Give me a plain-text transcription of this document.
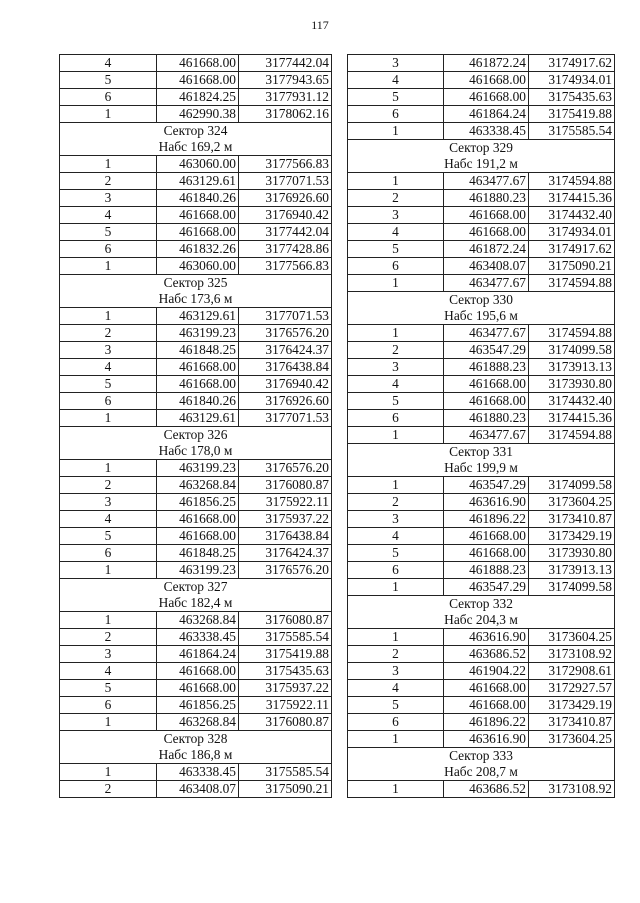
117
4	461668.00	3177442.04
5	461668.00	3177943.65
6	461824.25	3177931.12
1	462990.38	3178062.16
Сектор 324		
Набс 169,2 м		
1	463060.00	3177566.83
2	463129.61	3177071.53
3	461840.26	3176926.60
4	461668.00	3176940.42
5	461668.00	3177442.04
6	461832.26	3177428.86
1	463060.00	3177566.83
Сектор 325		
Набс 173,6 м		
1	463129.61	3177071.53
2	463199.23	3176576.20
3	461848.25	3176424.37
4	461668.00	3176438.84
5	461668.00	3176940.42
6	461840.26	3176926.60
1	463129.61	3177071.53
Сектор 326		
Набс 178,0 м		
1	463199.23	3176576.20
2	463268.84	3176080.87
3	461856.25	3175922.11
4	461668.00	3175937.22
5	461668.00	3176438.84
6	461848.25	3176424.37
1	463199.23	3176576.20
Сектор 327		
Набс 182,4 м		
1	463268.84	3176080.87
2	463338.45	3175585.54
3	461864.24	3175419.88
4	461668.00	3175435.63
5	461668.00	3175937.22
6	461856.25	3175922.11
1	463268.84	3176080.87
Сектор 328		
Набс 186,8 м		
1	463338.45	3175585.54
2	463408.07	3175090.21
3	461872.24	3174917.62
4	461668.00	3174934.01
5	461668.00	3175435.63
6	461864.24	3175419.88
1	463338.45	3175585.54
Сектор 329		
Набс 191,2 м		
1	463477.67	3174594.88
2	461880.23	3174415.36
3	461668.00	3174432.40
4	461668.00	3174934.01
5	461872.24	3174917.62
6	463408.07	3175090.21
1	463477.67	3174594.88
Сектор 330		
Набс 195,6 м		
1	463477.67	3174594.88
2	463547.29	3174099.58
3	461888.23	3173913.13
4	461668.00	3173930.80
5	461668.00	3174432.40
6	461880.23	3174415.36
1	463477.67	3174594.88
Сектор 331		
Набс 199,9 м		
1	463547.29	3174099.58
2	463616.90	3173604.25
3	461896.22	3173410.87
4	461668.00	3173429.19
5	461668.00	3173930.80
6	461888.23	3173913.13
1	463547.29	3174099.58
Сектор 332		
Набс 204,3 м		
1	463616.90	3173604.25
2	463686.52	3173108.92
3	461904.22	3172908.61
4	461668.00	3172927.57
5	461668.00	3173429.19
6	461896.22	3173410.87
1	463616.90	3173604.25
Сектор 333		
Набс 208,7 м		
1	463686.52	3173108.92
